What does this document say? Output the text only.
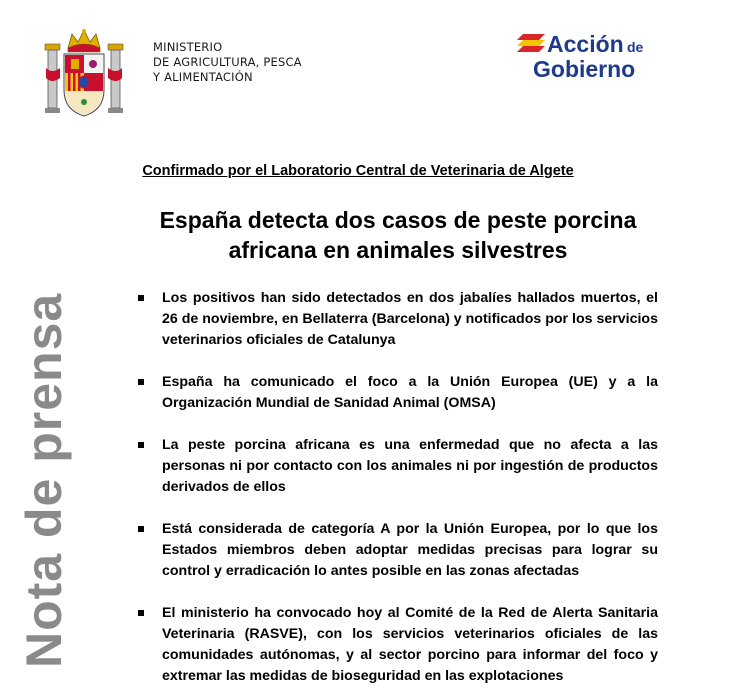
MINISTERIO
DE AGRICULTURA, PESCA
Y ALIMENTACIÓN
Acción de
Gobierno
Nota de prensa
Confirmado por el Laboratorio Central de Veterinaria de Algete
España detecta dos casos de peste porcina
africana en animales silvestres
Los positivos han sido detectados en dos jabalíes hallados muertos, el 26 de noviembre, en Bellaterra (Barcelona) y notificados por los servicios veterinarios oficiales de Catalunya
España ha comunicado el foco a la Unión Europea (UE) y a la Organización Mundial de Sanidad Animal (OMSA)
La peste porcina africana es una enfermedad que no afecta a las personas ni por contacto con los animales ni por ingestión de productos derivados de ellos
Está considerada de categoría A por la Unión Europea, por lo que los Estados miembros deben adoptar medidas precisas para lograr su control y erradicación lo antes posible en las zonas afectadas
El ministerio ha convocado hoy al Comité de la Red de Alerta Sanitaria Veterinaria (RASVE), con los servicios veterinarios oficiales de las comunidades autónomas, y al sector porcino para informar del foco y extremar las medidas de bioseguridad en las explotaciones
